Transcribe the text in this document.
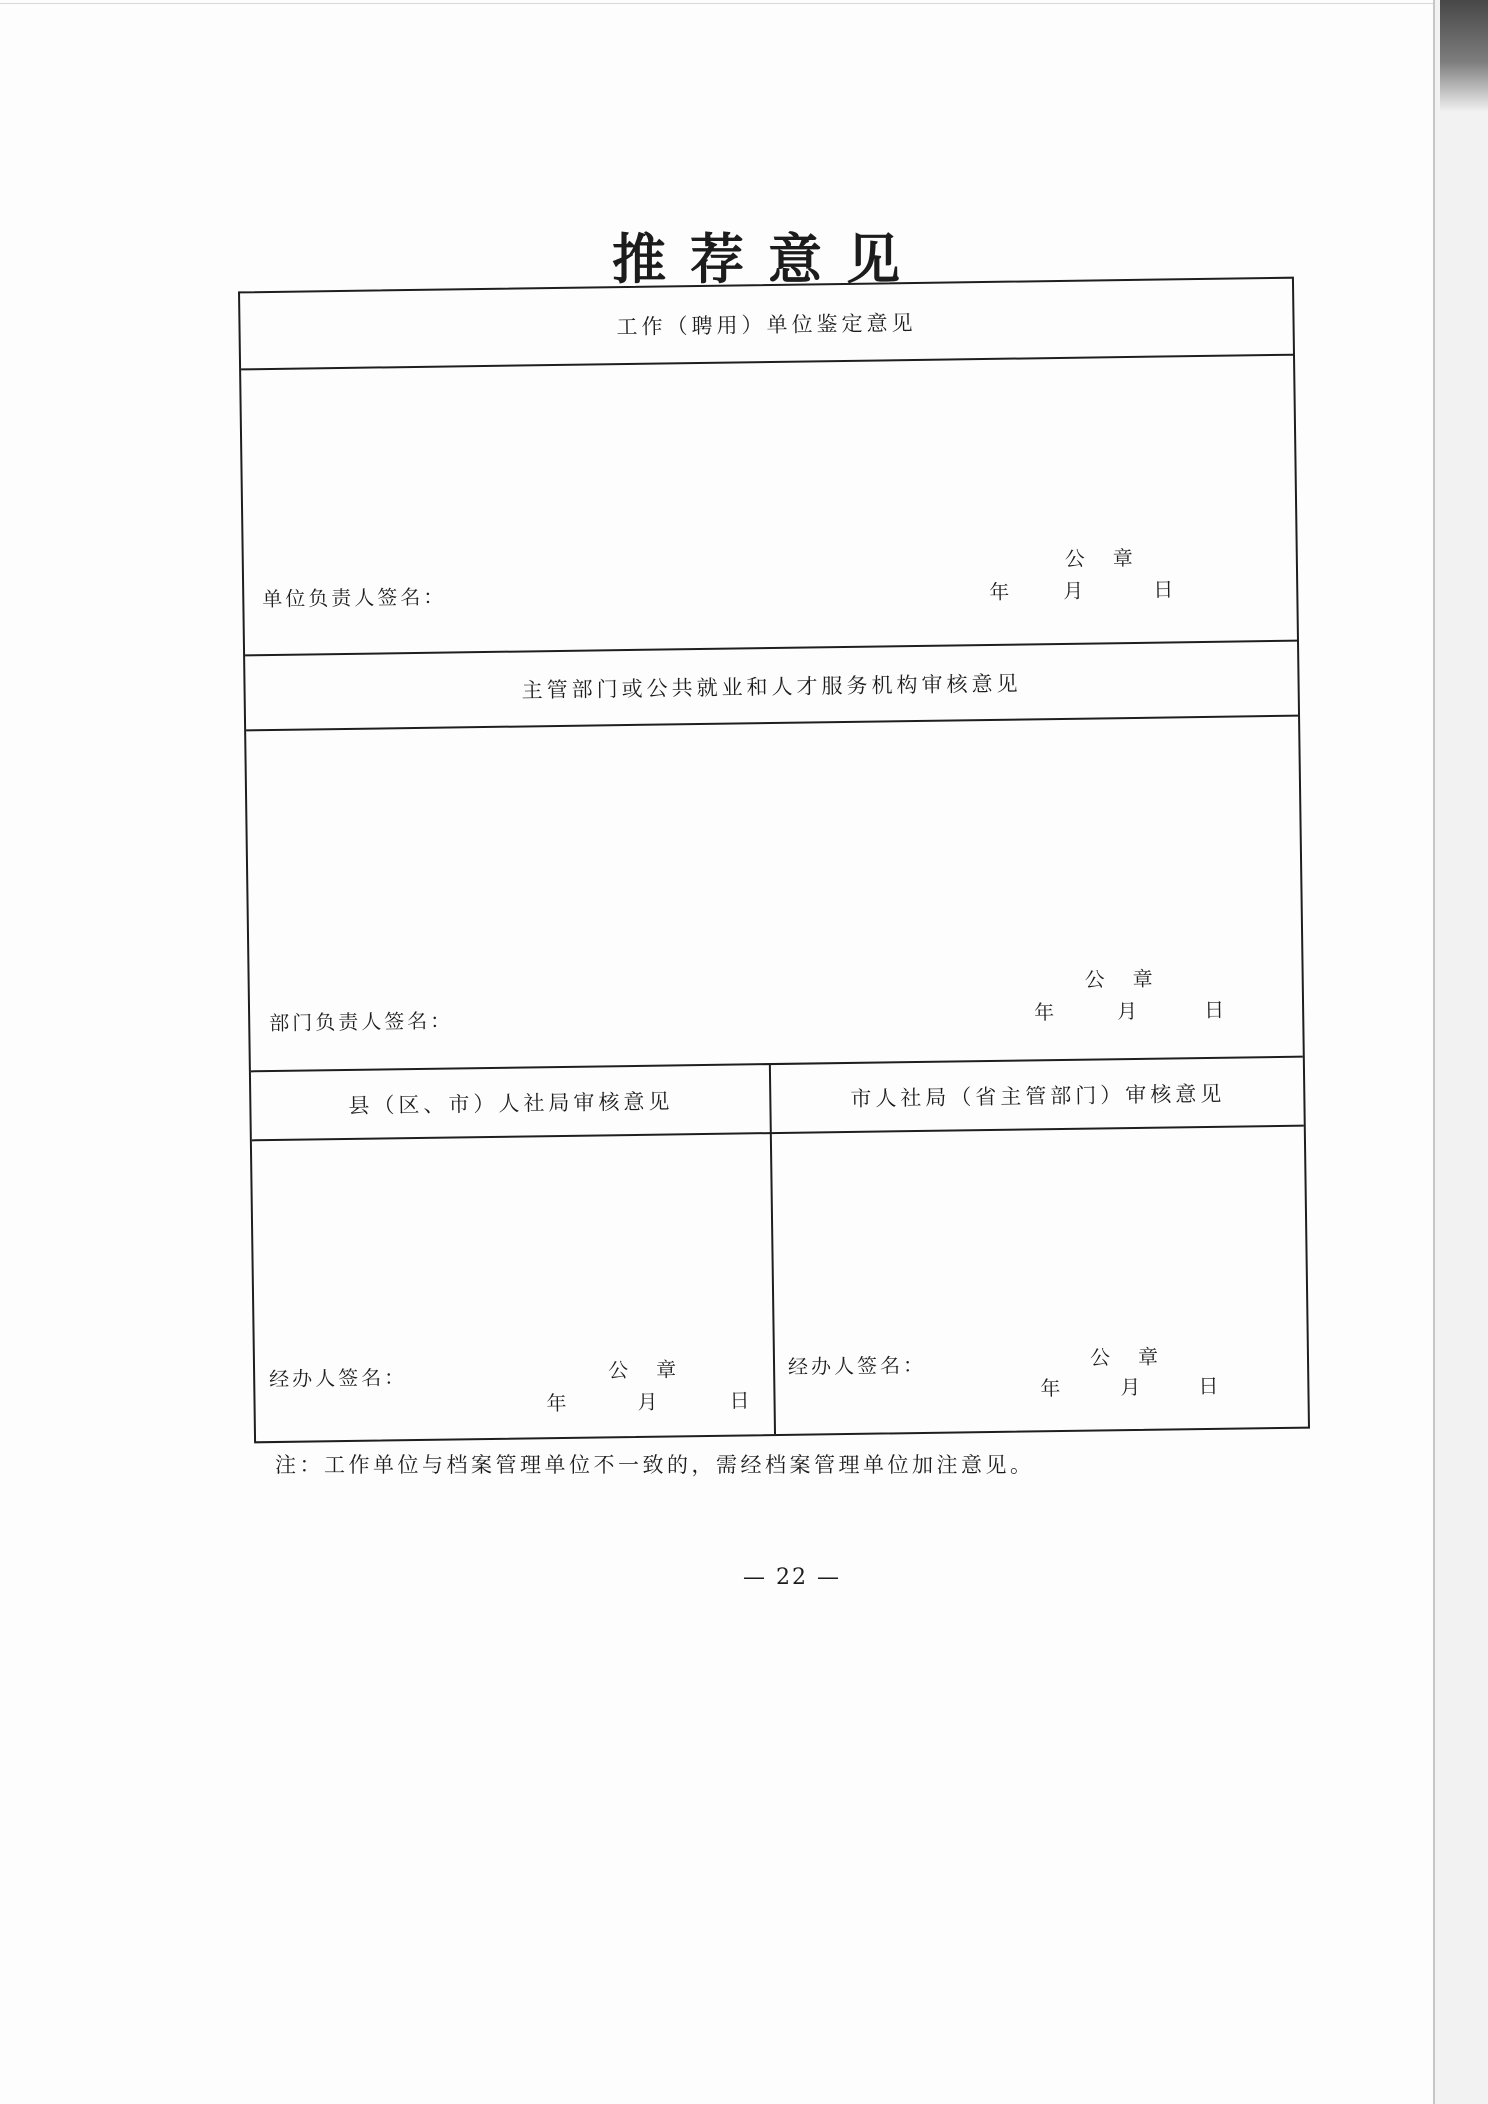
推荐意见
工作（聘用）单位鉴定意见
单位负责人签名：
公章
年	月	日
主管部门或公共就业和人才服务机构审核意见
部门负责人签名：
公章
年	月	日
县（区、市）人社局审核意见
经办人签名：	公章
年	月	日
市人社局（省主管部门）审核意见
经办人签名：	公章
年	月	日
注：工作单位与档案管理单位不一致的，需经档案管理单位加注意见。
— 22 —
